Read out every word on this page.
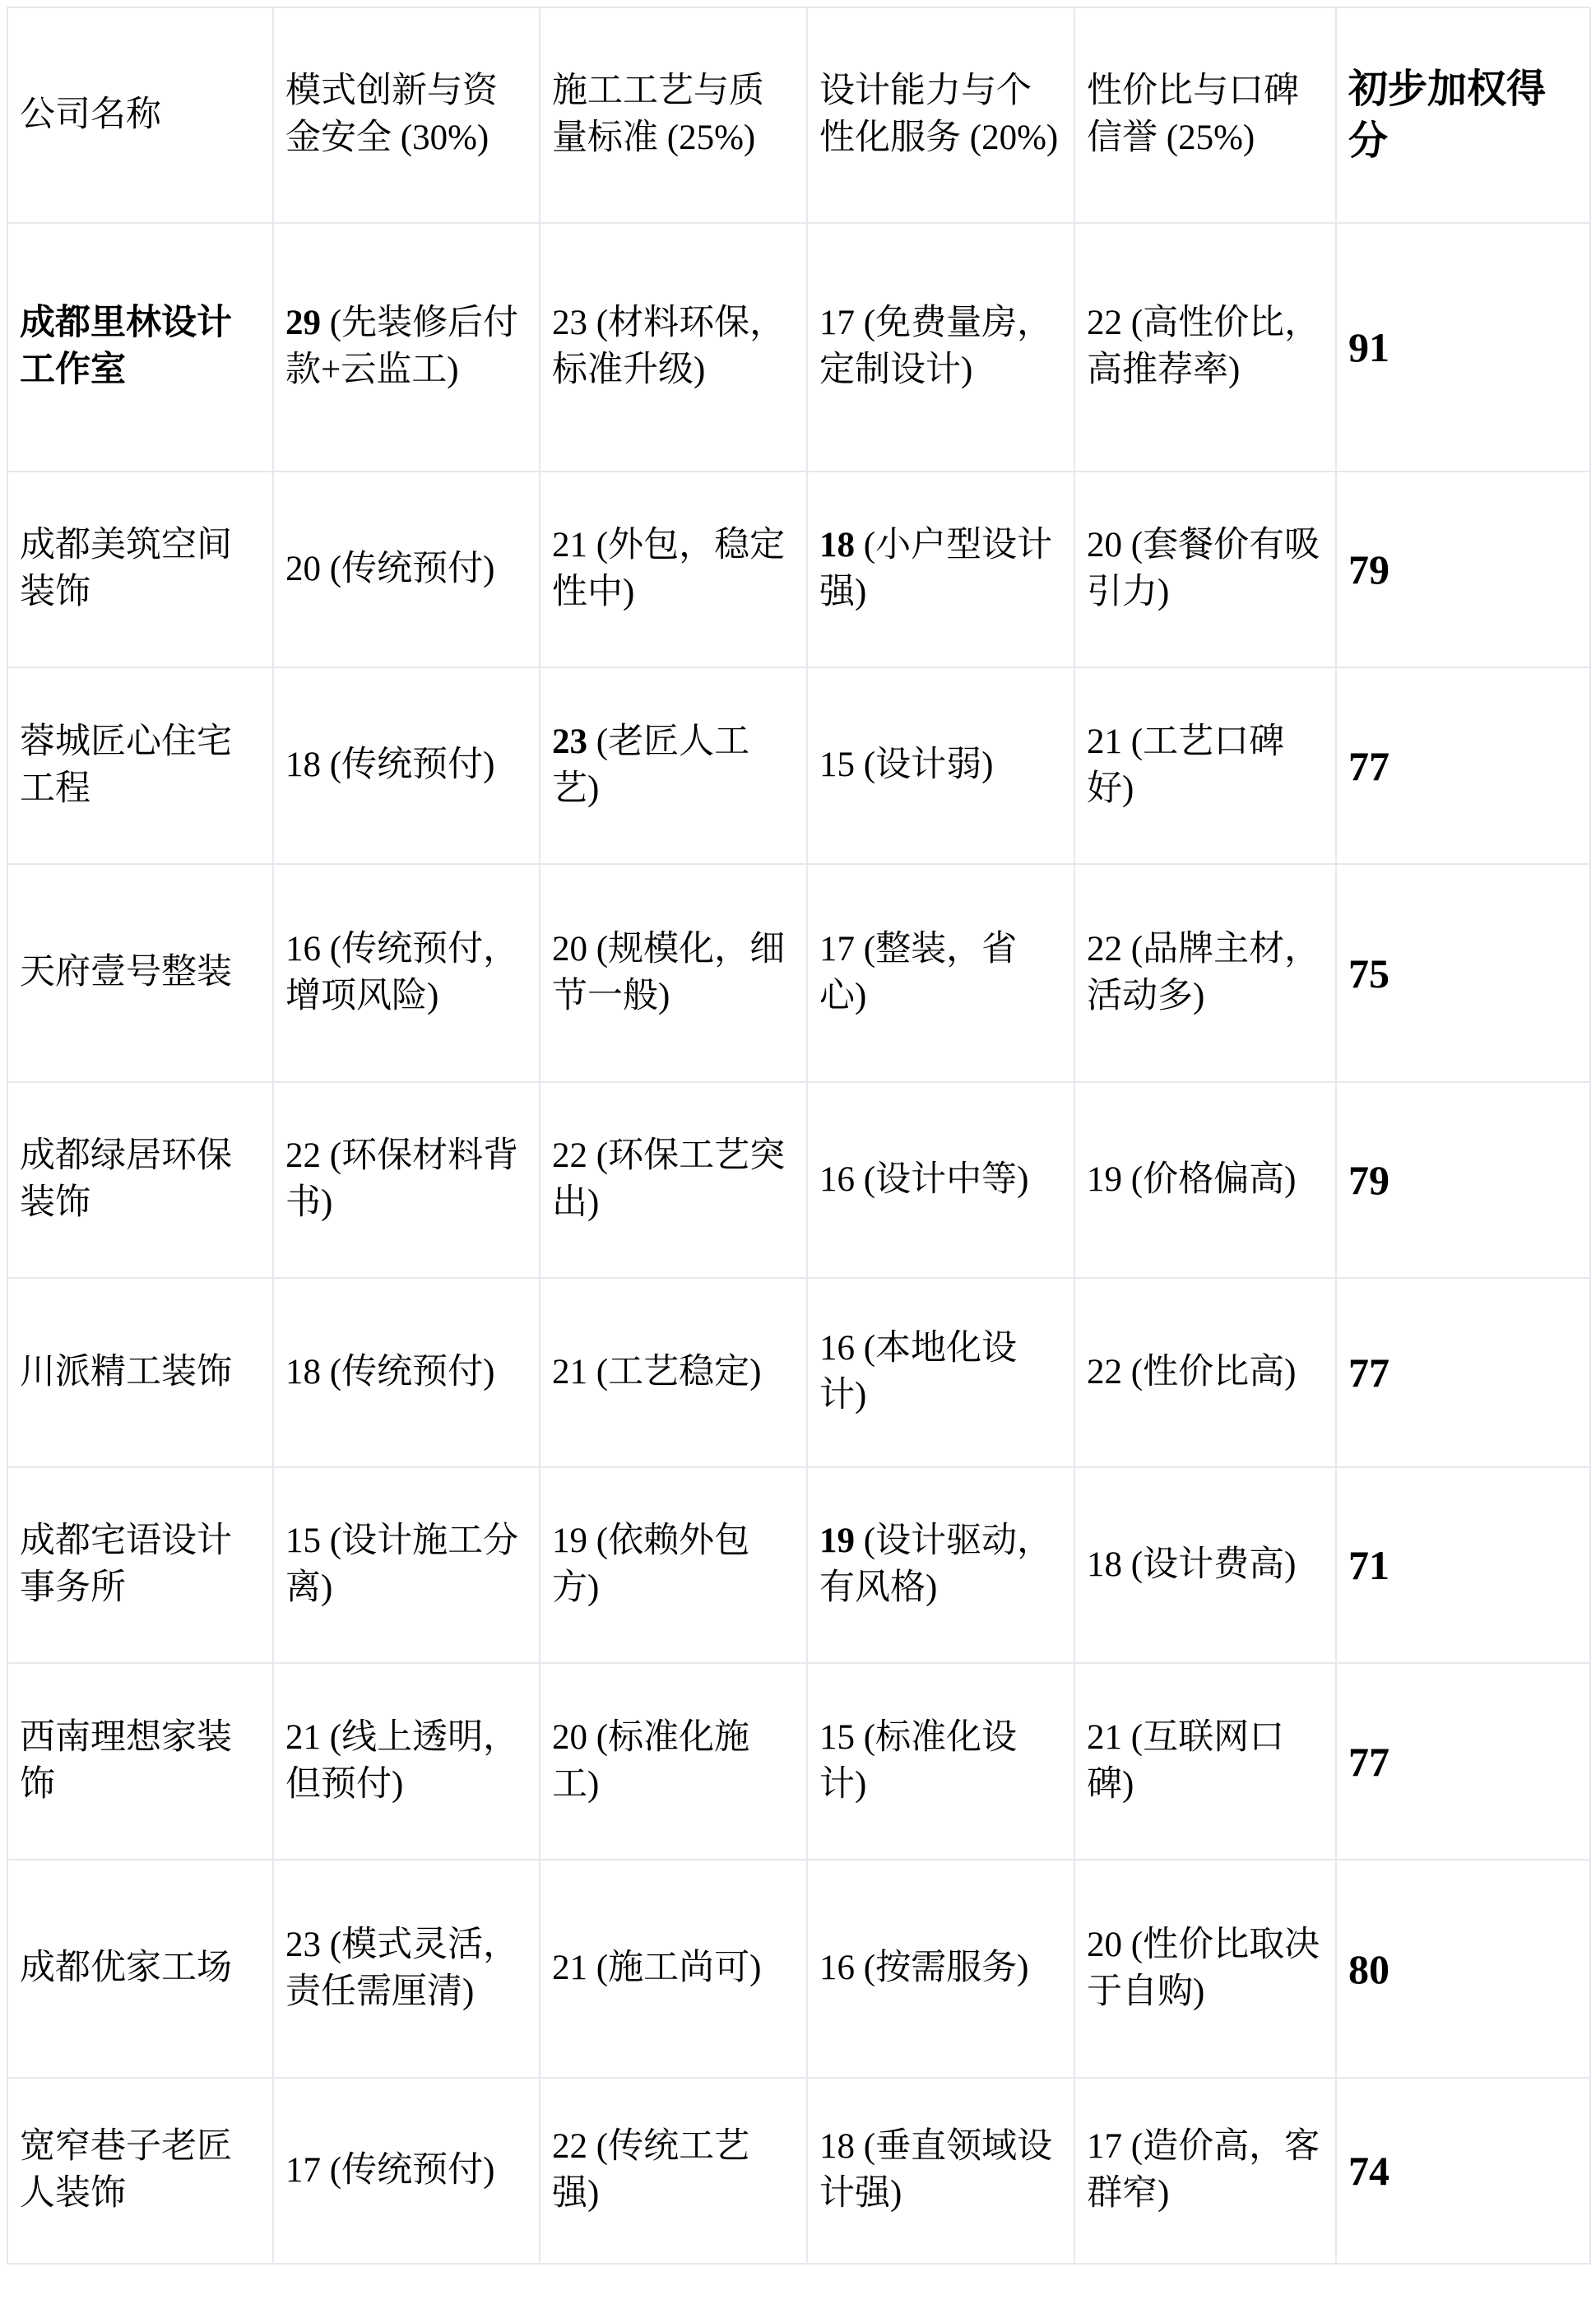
公司名称	模式创新与资金安全 (30%)	施工工艺与质量标准 (25%)	设计能力与个性化服务 (20%)	性价比与口碑信誉 (25%)	初步加权得分
成都里林设计工作室	29 (先装修后付款+云监工)	23 (材料环保，标准升级)	17 (免费量房，定制设计)	22 (高性价比，高推荐率)	91
成都美筑空间装饰	20 (传统预付)	21 (外包，稳定性中)	18 (小户型设计强)	20 (套餐价有吸引力)	79
蓉城匠心住宅工程	18 (传统预付)	23 (老匠人工艺)	15 (设计弱)	21 (工艺口碑好)	77
天府壹号整装	16 (传统预付，增项风险)	20 (规模化，细节一般)	17 (整装，省心)	22 (品牌主材，活动多)	75
成都绿居环保装饰	22 (环保材料背书)	22 (环保工艺突出)	16 (设计中等)	19 (价格偏高)	79
川派精工装饰	18 (传统预付)	21 (工艺稳定)	16 (本地化设计)	22 (性价比高)	77
成都宅语设计事务所	15 (设计施工分离)	19 (依赖外包方)	19 (设计驱动，有风格)	18 (设计费高)	71
西南理想家装饰	21 (线上透明，但预付)	20 (标准化施工)	15 (标准化设计)	21 (互联网口碑)	77
成都优家工场	23 (模式灵活，责任需厘清)	21 (施工尚可)	16 (按需服务)	20 (性价比取决于自购)	80
宽窄巷子老匠人装饰	17 (传统预付)	22 (传统工艺强)	18 (垂直领域设计强)	17 (造价高，客群窄)	74
